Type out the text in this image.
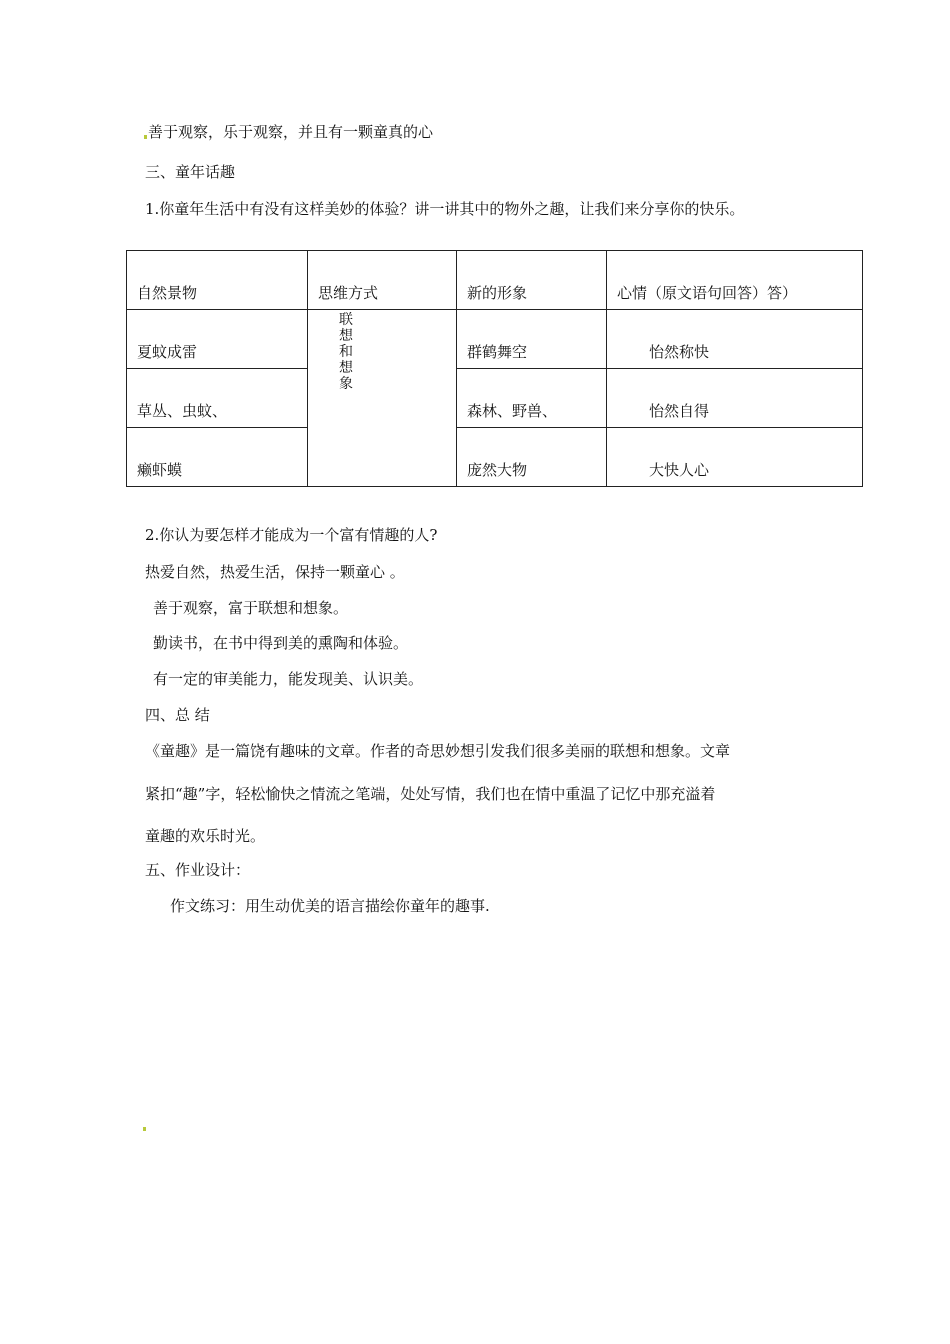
善于观察，乐于观察，并且有一颗童真的心
三、童年话趣
1.你童年生活中有没有这样美妙的体验？讲一讲其中的物外之趣，让我们来分享你的快乐。
自然景物	思维方式	新的形象	心情（原文语句回答）答）

夏蚊成雷	联想和想象	群鹤舞空	怡然称快

草丛、虫蚊、		森林、野兽、	怡然自得

癞虾蟆		庞然大物	大快人心
2.你认为要怎样才能成为一个富有情趣的人?
热爱自然，热爱生活，保持一颗童心 。
善于观察，富于联想和想象。
勤读书，在书中得到美的熏陶和体验。
有一定的审美能力，能发现美、认识美。
四、总 结
《童趣》是一篇饶有趣味的文章。作者的奇思妙想引发我们很多美丽的联想和想象。文章
紧扣“趣”字，轻松愉快之情流之笔端，处处写情，我们也在情中重温了记忆中那充溢着
童趣的欢乐时光。
五、作业设计：
作文练习：用生动优美的语言描绘你童年的趣事.
